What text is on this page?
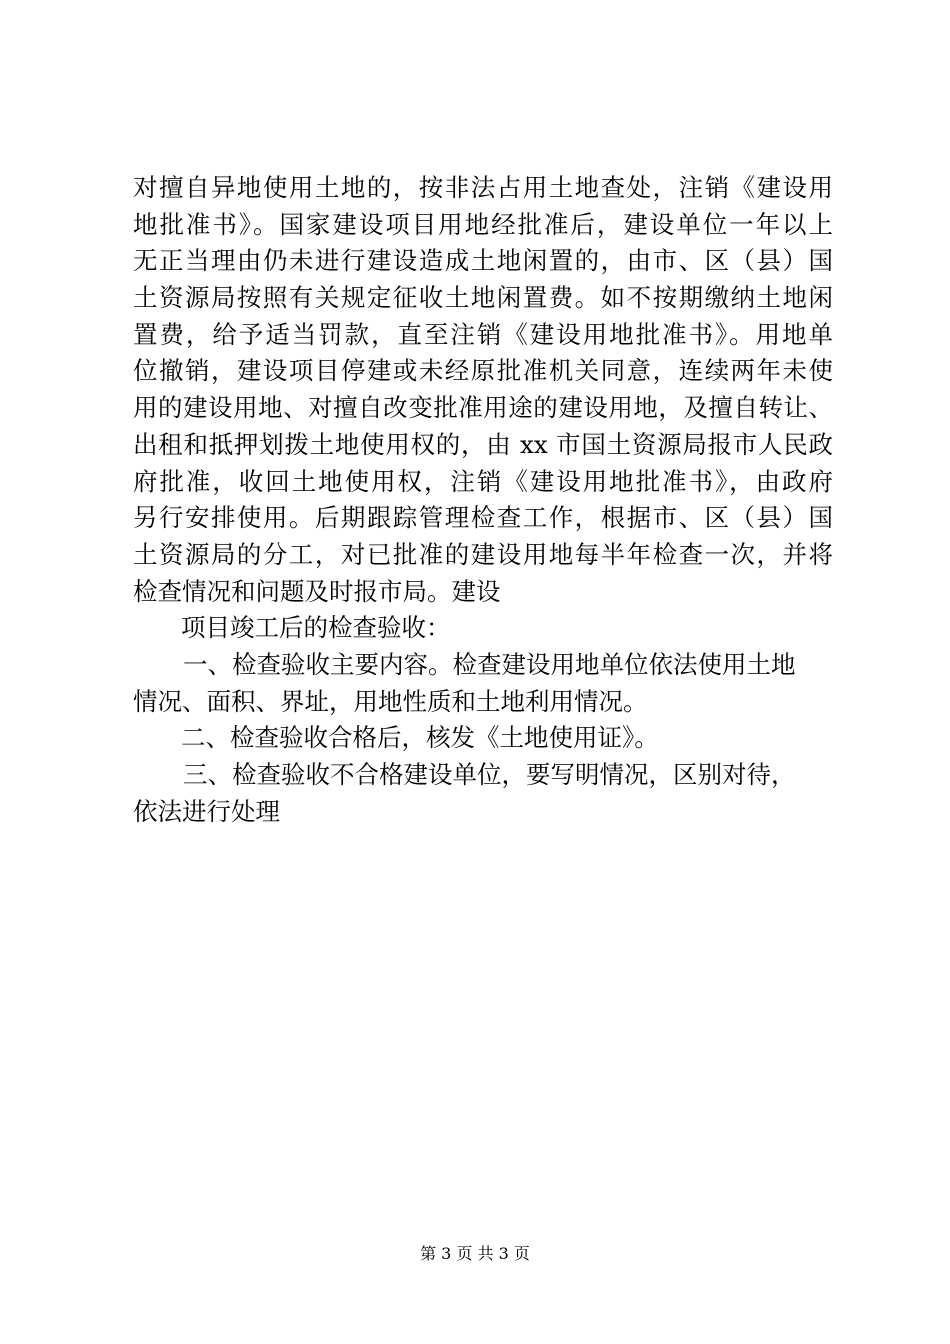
对擅自异地使用土地的，按非法占用土地查处，注销《建设用
地批准书》。国家建设项目用地经批准后，建设单位一年以上
无正当理由仍未进行建设造成土地闲置的，由市、区（县）国
土资源局按照有关规定征收土地闲置费。如不按期缴纳土地闲
置费，给予适当罚款，直至注销《建设用地批准书》。用地单
位撤销，建设项目停建或未经原批准机关同意，连续两年未使
用的建设用地、对擅自改变批准用途的建设用地，及擅自转让、
出租和抵押划拨土地使用权的，由 xx 市国土资源局报市人民政
府批准，收回土地使用权，注销《建设用地批准书》，由政府
另行安排使用。后期跟踪管理检查工作，根据市、区（县）国
土资源局的分工，对已批准的建设用地每半年检查一次，并将
检查情况和问题及时报市局。建设
项目竣工后的检查验收：
一、检查验收主要内容。检查建设用地单位依法使用土地
情况、面积、界址，用地性质和土地利用情况。
二、检查验收合格后，核发《土地使用证》。
三、检查验收不合格建设单位，要写明情况，区别对待，
依法进行处理
第 3 页 共 3 页
